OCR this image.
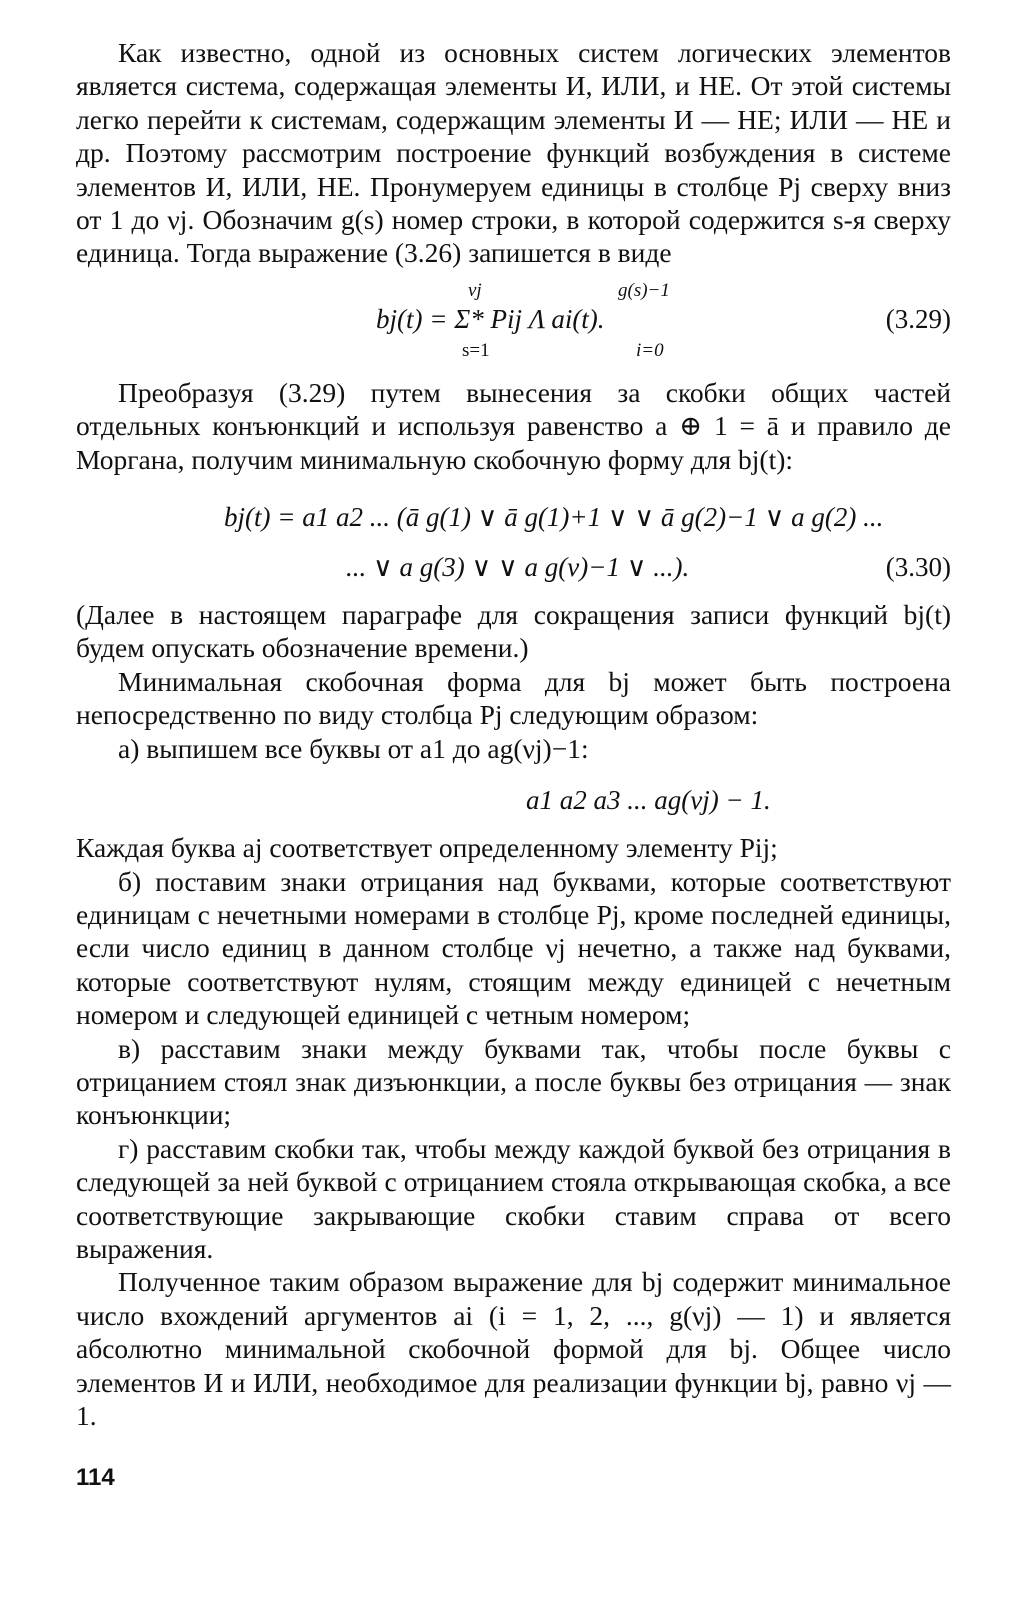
Как известно, одной из основных систем логических элементов является система, содержащая элементы И, ИЛИ, и НЕ. От этой системы легко перейти к системам, содержащим элементы И — НЕ; ИЛИ — НЕ и др. Поэтому рассмотрим построение функций возбуждения в системе элементов И, ИЛИ, НЕ. Пронумеруем единицы в столбце Pj сверху вниз от 1 до νj. Обозначим g(s) номер строки, в которой содержится s-я сверху единица. Тогда выражение (3.26) запишется в виде

νj	g(s)−1
bj(t) = Σ* Pij Λ ai(t).
s=1	i=0
(3.29)

Преобразуя (3.29) путем вынесения за скобки общих частей отдельных конъюнкций и используя равенство a ⊕ 1 = ā и правило де Моргана, получим минимальную скобочную форму для bj(t):

bj(t) = a1 a2 ... (ā g(1) ∨ ā g(1)+1 ∨ ∨ ā g(2)−1 ∨ a g(2) ...
... ∨ a g(3) ∨ ∨ a g(ν)−1 ∨ ...).	(3.30)

(Далее в настоящем параграфе для сокращения записи функций bj(t) будем опускать обозначение времени.)

Минимальная скобочная форма для bj может быть построена непосредственно по виду столбца Pj следующим образом:

а) выпишем все буквы от a1 до ag(νj)−1:

a1 a2 a3 ... ag(νj) − 1.

Каждая буква aj соответствует определенному элементу Pij;

б) поставим знаки отрицания над буквами, которые соответствуют единицам с нечетными номерами в столбце Pj, кроме последней единицы, если число единиц в данном столбце νj нечетно, а также над буквами, которые соответствуют нулям, стоящим между единицей с нечетным номером и следующей единицей с четным номером;

в) расставим знаки между буквами так, чтобы после буквы с отрицанием стоял знак дизъюнкции, а после буквы без отрицания — знак конъюнкции;

г) расставим скобки так, чтобы между каждой буквой без отрицания в следующей за ней буквой с отрицанием стояла открывающая скобка, а все соответствующие закрывающие скобки ставим справа от всего выражения.

Полученное таким образом выражение для bj содержит минимальное число вхождений аргументов ai (i = 1, 2, ..., g(νj) — 1) и является абсолютно минимальной скобочной формой для bj. Общее число элементов И и ИЛИ, необходимое для реализации функции bj, равно νj — 1.

114
